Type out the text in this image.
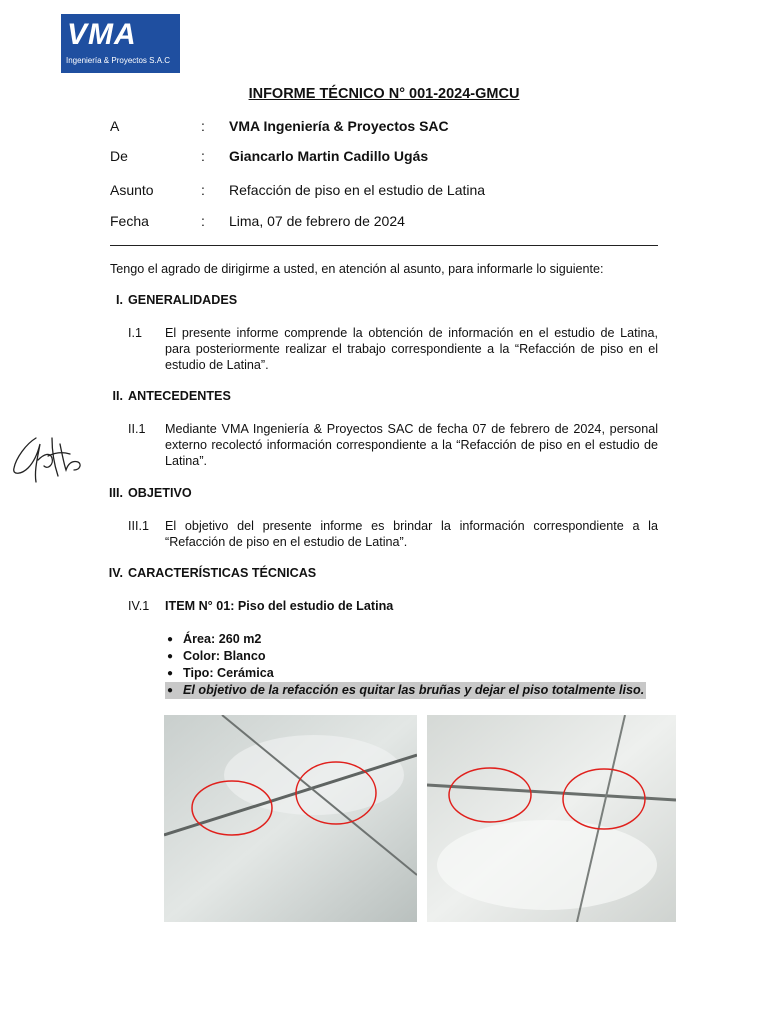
VMA
Ingeniería & Proyectos S.A.C
INFORME TÉCNICO N° 001-2024-GMCU
A	: VMA Ingeniería & Proyectos SAC
De	: Giancarlo Martin Cadillo Ugás
Asunto	: Refacción de piso en el estudio de Latina
Fecha	: Lima, 07 de febrero de 2024
Tengo el agrado de dirigirme a usted, en atención al asunto, para informarle lo siguiente:
I. GENERALIDADES
I.1 El presente informe comprende la obtención de información en el estudio de Latina, para posteriormente realizar el trabajo correspondiente a la “Refacción de piso en el estudio de Latina”.
II. ANTECEDENTES
II.1 Mediante VMA Ingeniería & Proyectos SAC de fecha 07 de febrero de 2024, personal externo recolectó información correspondiente a la “Refacción de piso en el estudio de Latina”.
III. OBJETIVO
III.1 El objetivo del presente informe es brindar la información correspondiente a la “Refacción de piso en el estudio de Latina”.
IV. CARACTERÍSTICAS TÉCNICAS
IV.1 ITEM N° 01: Piso del estudio de Latina
● Área: 260 m2
● Color: Blanco
● Tipo: Cerámica
● El objetivo de la refacción es quitar las bruñas y dejar el piso totalmente liso.
